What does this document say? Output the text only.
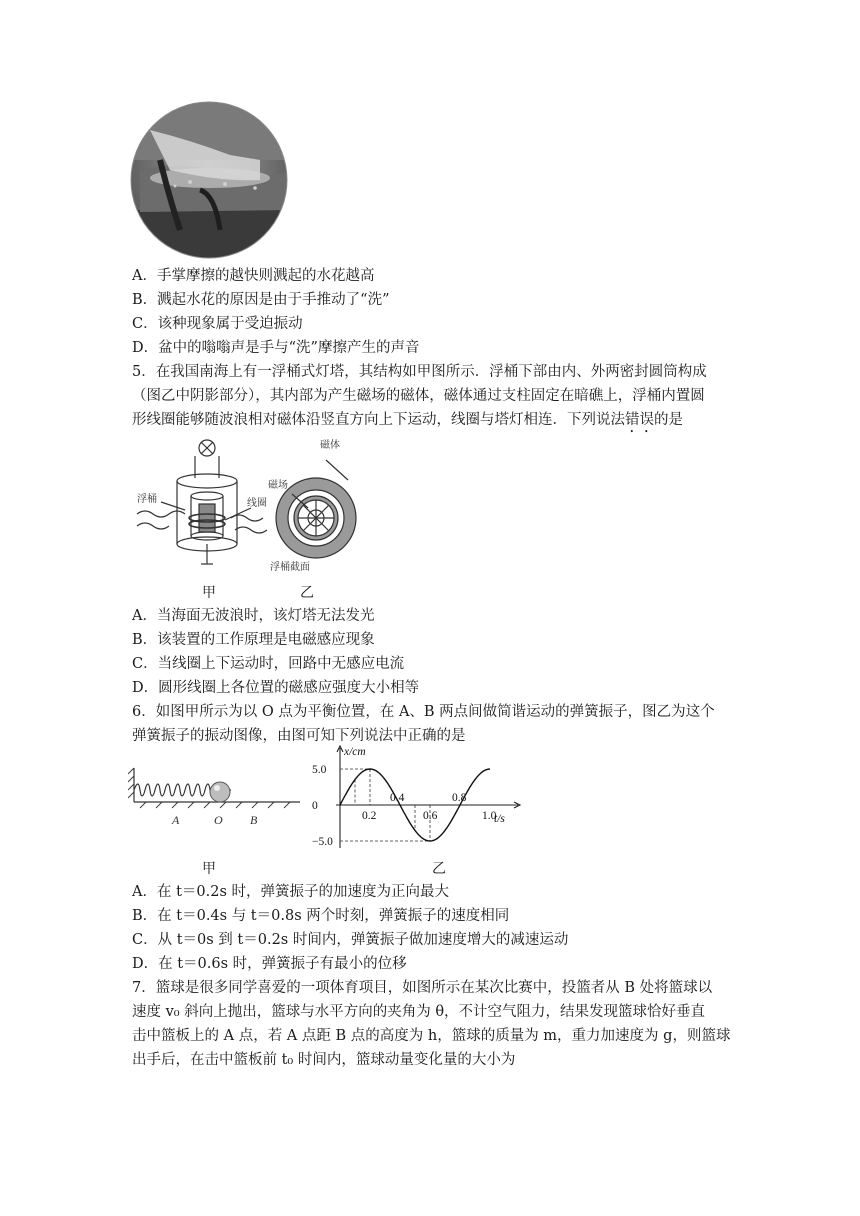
A．手掌摩擦的越快则溅起的水花越高
B．溅起水花的原因是由于手推动了“洗”
C．该种现象属于受迫振动
D．盆中的嗡嗡声是手与“洗”摩擦产生的声音
5．在我国南海上有一浮桶式灯塔，其结构如甲图所示．浮桶下部由内、外两密封圆筒构成
（图乙中阴影部分），其内部为产生磁场的磁体，磁体通过支柱固定在暗礁上，浮桶内置圆
形线圈能够随波浪相对磁体沿竖直方向上下运动，线圈与塔灯相连．下列说法错误的是
浮桶	线圈
磁体
磁场
浮桶截面
甲	乙
A．当海面无波浪时，该灯塔无法发光
B．该装置的工作原理是电磁感应现象
C．当线圈上下运动时，回路中无感应电流
D．圆形线圈上各位置的磁感应强度大小相等
6．如图甲所示为以 O 点为平衡位置，在 A、B 两点间做简谐运动的弹簧振子，图乙为这个
弹簧振子的振动图像，由图可知下列说法中正确的是
A	O B
x/cm
t/s
5.0
0
−5.0
0.2
0.4
0.6
0.8
1.0
甲	乙
A．在 t＝0.2s 时，弹簧振子的加速度为正向最大
B．在 t＝0.4s 与 t＝0.8s 两个时刻，弹簧振子的速度相同
C．从 t＝0s 到 t＝0.2s 时间内，弹簧振子做加速度增大的减速运动
D．在 t＝0.6s 时，弹簧振子有最小的位移
7．篮球是很多同学喜爱的一项体育项目，如图所示在某次比赛中，投篮者从 B 处将篮球以
速度 v₀ 斜向上抛出，篮球与水平方向的夹角为 θ，不计空气阻力，结果发现篮球恰好垂直
击中篮板上的 A 点，若 A 点距 B 点的高度为 h，篮球的质量为 m，重力加速度为 g，则篮球
出手后，在击中篮板前 t₀ 时间内，篮球动量变化量的大小为
